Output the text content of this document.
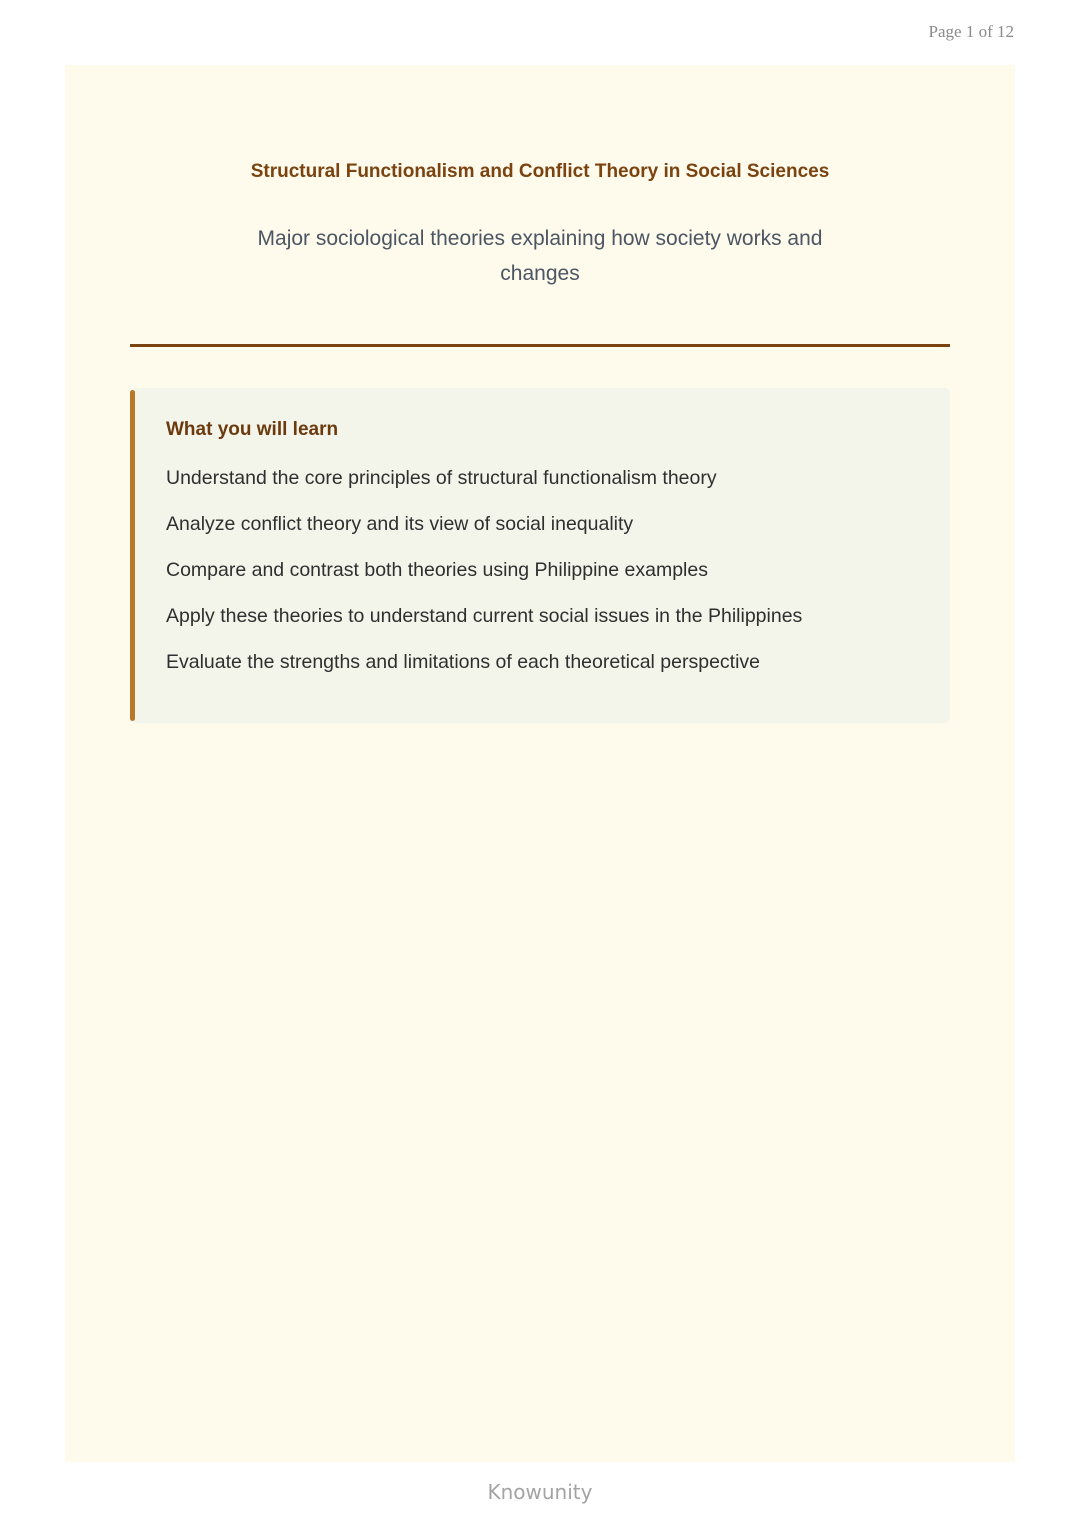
Page 1 of 12
Structural Functionalism and Conflict Theory in Social Sciences
Major sociological theories explaining how society works and changes
What you will learn
Understand the core principles of structural functionalism theory
Analyze conflict theory and its view of social inequality
Compare and contrast both theories using Philippine examples
Apply these theories to understand current social issues in the Philippines
Evaluate the strengths and limitations of each theoretical perspective
Knowunity
